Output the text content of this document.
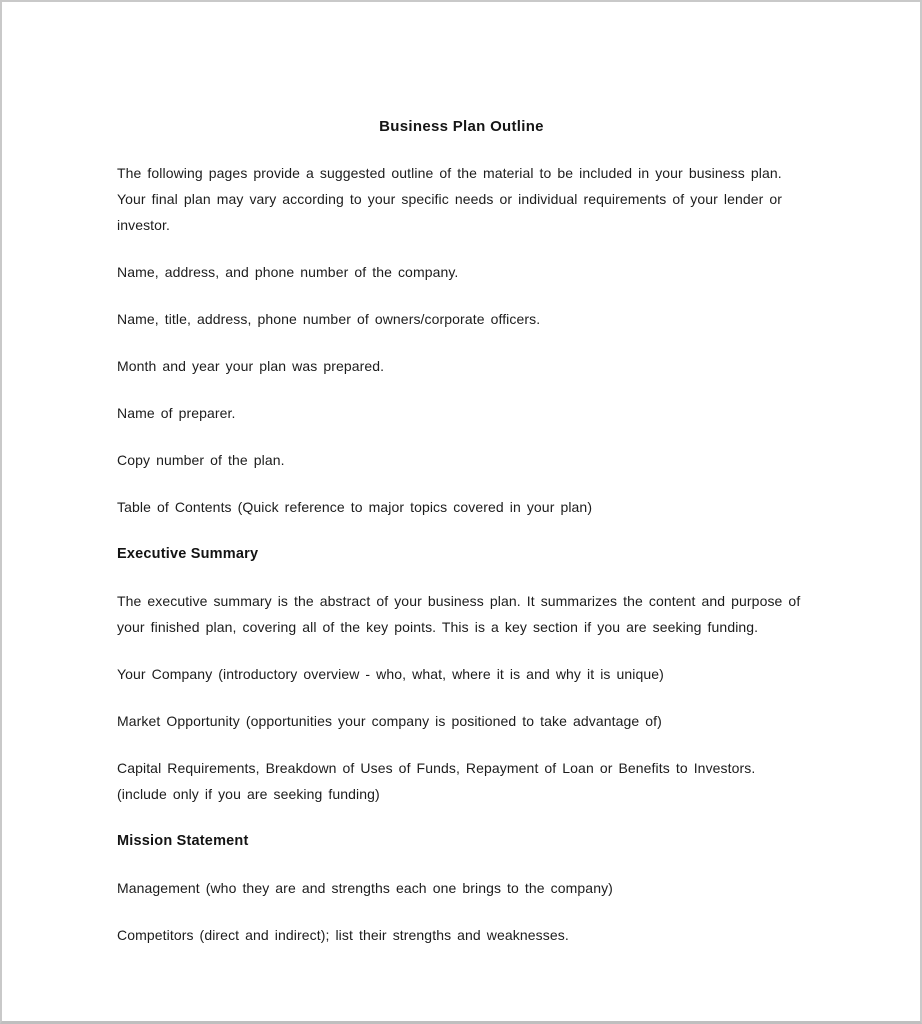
Business Plan Outline

The following pages provide a suggested outline of the material to be included in your business plan. Your final plan may vary according to your specific needs or individual requirements of your lender or investor.

Name, address, and phone number of the company.

Name, title, address, phone number of owners/corporate officers.

Month and year your plan was prepared.

Name of preparer.

Copy number of the plan.

Table of Contents (Quick reference to major topics covered in your plan)

Executive Summary

The executive summary is the abstract of your business plan. It summarizes the content and purpose of your finished plan, covering all of the key points. This is a key section if you are seeking funding.

Your Company (introductory overview - who, what, where it is and why it is unique)

Market Opportunity (opportunities your company is positioned to take advantage of)

Capital Requirements, Breakdown of Uses of Funds, Repayment of Loan or Benefits to Investors. (include only if you are seeking funding)

Mission Statement

Management (who they are and strengths each one brings to the company)

Competitors (direct and indirect); list their strengths and weaknesses.
